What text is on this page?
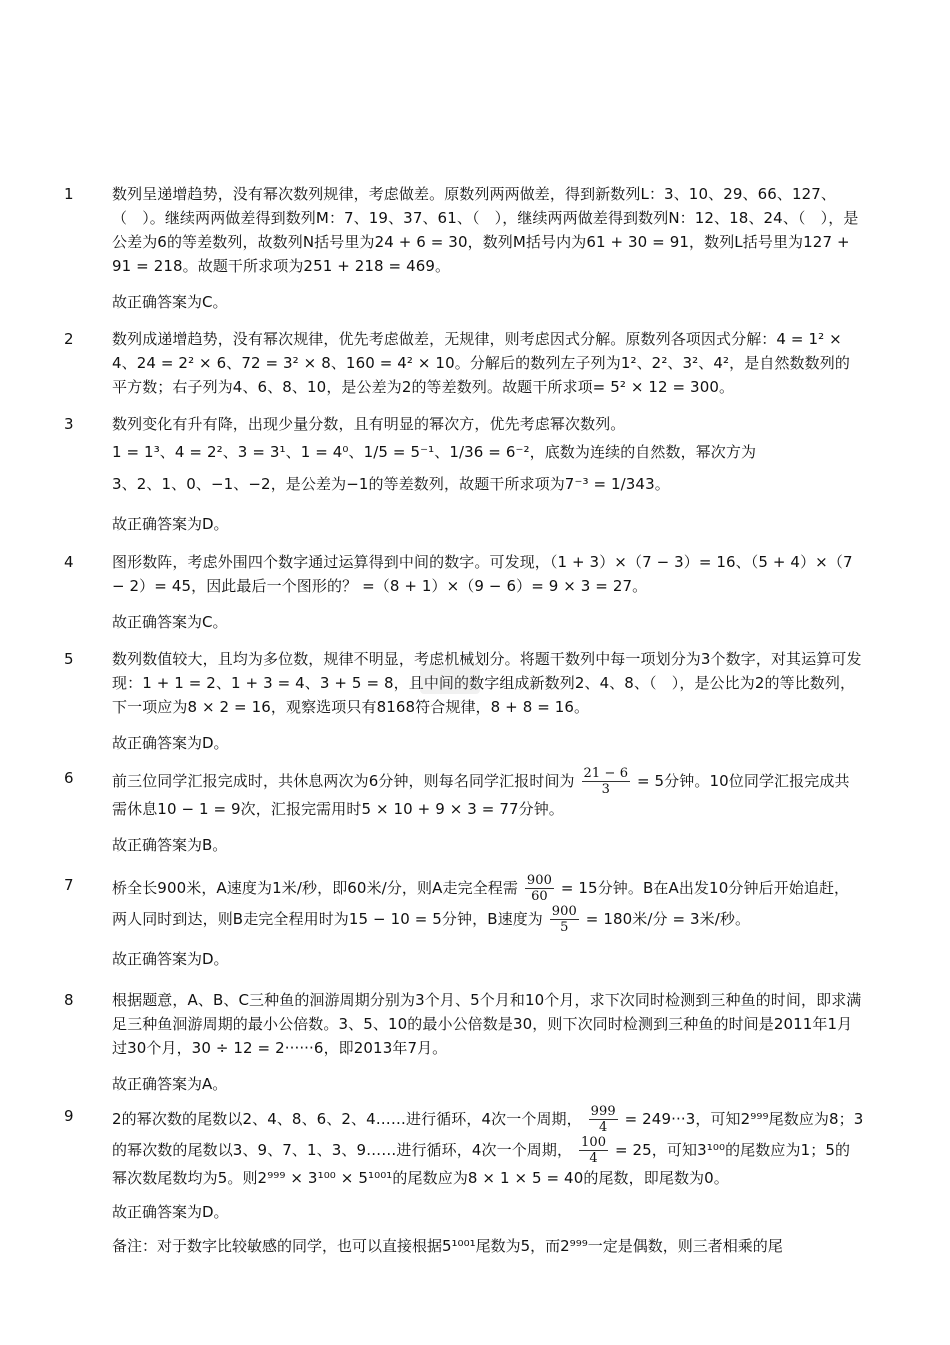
1	数列呈递增趋势，没有幂次数列规律，考虑做差。原数列两两做差，得到新数列L：3、10、29、66、127、（　）。继续两两做差得到数列M：7、19、37、61、（　），继续两两做差得到数列N：12、18、24、（　），是公差为6的等差数列，故数列N括号里为24 + 6 = 30，数列M括号内为61 + 30 = 91，数列L括号里为127 + 91 = 218。故题干所求项为251 + 218 = 469。

故正确答案为C。

2	数列成递增趋势，没有幂次规律，优先考虑做差，无规律，则考虑因式分解。原数列各项因式分解：4 = 1² × 4、24 = 2² × 6、72 = 3² × 8、160 = 4² × 10。分解后的数列左子列为1²、2²、3²、4²，是自然数数列的平方数；右子列为4、6、8、10，是公差为2的等差数列。故题干所求项= 5² × 12 = 300。

3	数列变化有升有降，出现少量分数，且有明显的幂次方，优先考虑幂次数列。

1 = 1³、4 = 2²、3 = 3¹、1 = 4⁰、1/5 = 5⁻¹、1/36 = 6⁻²，底数为连续的自然数，幂次方为

3、2、1、0、−1、−2，是公差为−1的等差数列，故题干所求项为7⁻³ = 1/343。

故正确答案为D。

4	图形数阵，考虑外围四个数字通过运算得到中间的数字。可发现，（1 + 3）×（7 − 3）= 16、（5 + 4）×（7 − 2）= 45，因此最后一个图形的？ =（8 + 1）×（9 − 6）= 9 × 3 = 27。

故正确答案为C。

5	数列数值较大，且均为多位数，规律不明显，考虑机械划分。将题干数列中每一项划分为3个数字，对其运算可发现：1 + 1 = 2、1 + 3 = 4、3 + 5 = 8，且中间的数字组成新数列2、4、8、（　），是公比为2的等比数列，下一项应为8 × 2 = 16，观察选项只有8168符合规律，8 + 8 = 16。

故正确答案为D。

6	前三位同学汇报完成时，共休息两次为6分钟，则每名同学汇报时间为 $\frac{21 - 6}{3} = 5$分钟。10位同学汇报完成共需休息10 − 1 = 9次，汇报完需用时5 × 10 + 9 × 3 = 77分钟。

故正确答案为B。

7	桥全长900米，A速度为1米/秒，即60米/分，则A走完全程需 $\frac{900}{60} = 15$分钟。B在A出发10分钟后开始追赶，两人同时到达，则B走完全程用时为15 − 10 = 5分钟，B速度为 $\frac{900}{5} = 180$米/分 = 3米/秒。

故正确答案为D。

8	根据题意，A、B、C三种鱼的洄游周期分别为3个月、5个月和10个月，求下次同时检测到三种鱼的时间，即求满足三种鱼洄游周期的最小公倍数。3、5、10的最小公倍数是30，则下次同时检测到三种鱼的时间是2011年1月过30个月，30 ÷ 12 = 2······6，即2013年7月。

故正确答案为A。

9	2的幂次数的尾数以2、4、8、6、2、4……进行循环，4次一个周期， $\frac{999}{4} = 249\cdot\cdot\cdot 3$，可知2⁹⁹⁹尾数应为8；3的幂次数的尾数以3、9、7、1、3、9……进行循环，4次一个周期， $\frac{100}{4} = 25$，可知3¹⁰⁰的尾数应为1；5的幂次数尾数均为5。则2⁹⁹⁹ × 3¹⁰⁰ × 5¹⁰⁰¹的尾数应为8 × 1 × 5 = 40的尾数，即尾数为0。

故正确答案为D。

备注：对于数字比较敏感的同学，也可以直接根据5¹⁰⁰¹尾数为5，而2⁹⁹⁹一定是偶数，则三者相乘的尾
